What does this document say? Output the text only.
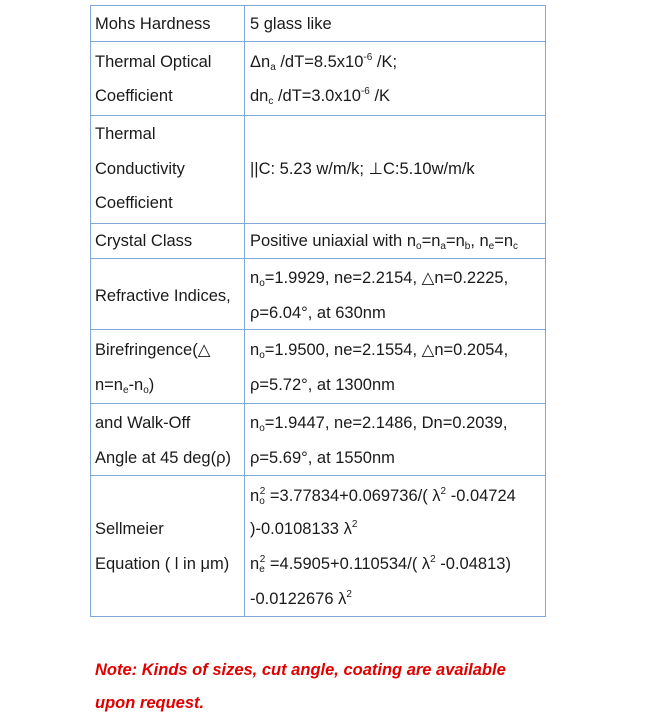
Mohs Hardness 5 glass like
Thermal Optical
Coefficient
$\Delta n_a$ $/dT=8.5x10^{-6}$ /K;
$dn_c$ $/dT=3.0x10^{-6}$ /K
Thermal
Conductivity
Coefficient
||C: 5.23 w/m/k; ⊥C:5.10w/m/k
Crystal Class	Positive uniaxial with $n_o=n_a=n_b$, $n_e=n_c$
Refractive Indices,
$n_o=1.9929$, ne=2.2154, △n=0.2225,
ρ=6.04°, at 630nm
Birefringence(△
$n=n_e-n_o$)
$n_o=1.9500$, ne=2.1554, △n=0.2054,
ρ=5.72°, at 1300nm
and Walk-Off
Angle at 45 deg(ρ)
$n_o=1.9447$, ne=2.1486, Dn=0.2039,
ρ=5.69°, at 1550nm
Sellmeier
Equation ( l in μm)
$n_o^2 =3.77834+0.069736/$( $\lambda^2$ -0.04724
)-0.0108133 $\lambda^2$
$n_e^2 =4.5905+0.110534/$( $\lambda^2$ -0.04813)
-0.0122676 $\lambda^2$
Note: Kinds of sizes, cut angle, coating are available
upon request.
